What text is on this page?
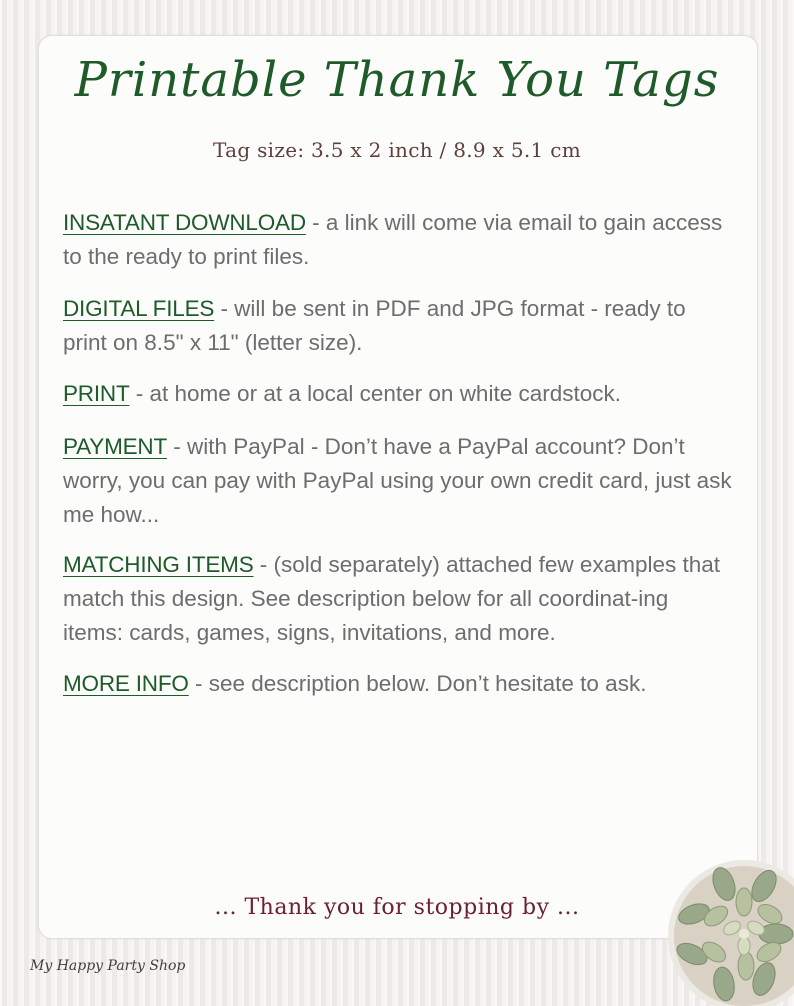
Printable Thank You Tags
Tag size: 3.5 x 2 inch / 8.9 x 5.1 cm
INSATANT DOWNLOAD - a link will come via email to gain access to the ready to print files.
DIGITAL FILES - will be sent in PDF and JPG format - ready to print on 8.5" x 11" (letter size).
PRINT - at home or at a local center on white cardstock.
PAYMENT - with PayPal - Don’t have a PayPal account? Don’t worry, you can pay with PayPal using your own credit card, just ask me how...
MATCHING ITEMS - (sold separately) attached few examples that match this design. See description below for all coordinat-ing items: cards, games, signs, invitations, and more.
MORE INFO - see description below. Don’t hesitate to ask.
... Thank you for stopping by ...
My Happy Party Shop
